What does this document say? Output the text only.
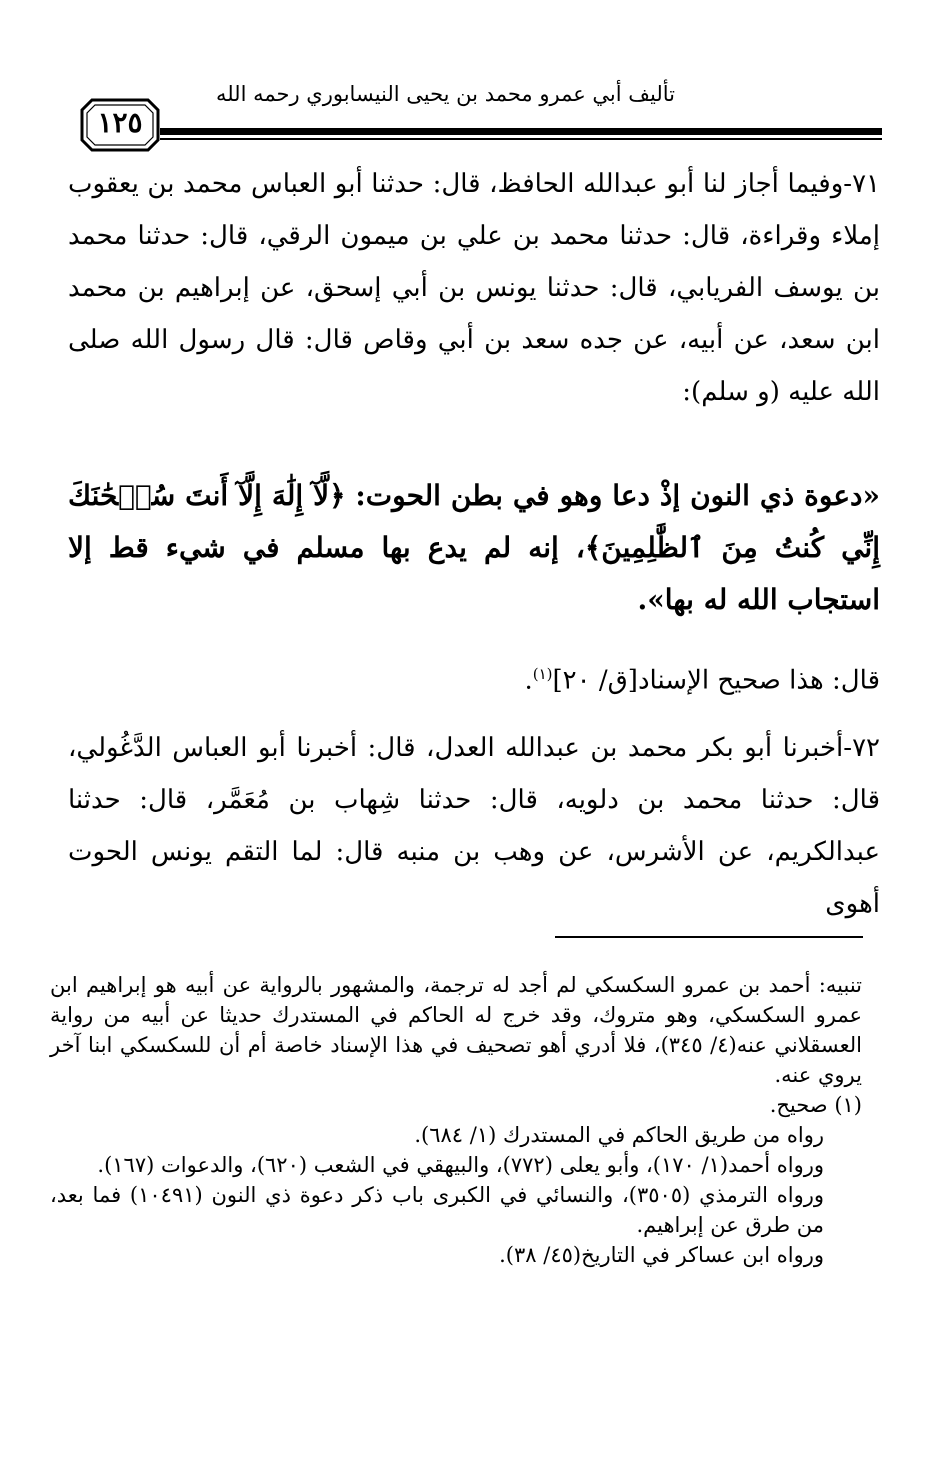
تأليف أبي عمرو محمد بن يحيى النيسابوري رحمه الله
١٢٥

٧١-وفيما أجاز لنا أبو عبدالله الحافظ، قال: حدثنا أبو العباس محمد بن يعقوب إملاء وقراءة، قال: حدثنا محمد بن علي بن ميمون الرقي، قال: حدثنا محمد بن يوسف الفريابي، قال: حدثنا يونس بن أبي إسحق، عن إبراهيم بن محمد ابن سعد، عن أبيه، عن جده سعد بن أبي وقاص قال: قال رسول الله صلى الله عليه (و سلم):

«دعوة ذي النون إذْ دعا وهو في بطن الحوت: ﴿لَّآ إِلَٰهَ إِلَّآ أَنتَ سُبۡحَٰنَكَ إِنِّي كُنتُ مِنَ ٱلظَّٰلِمِينَ﴾، إنه لم يدع بها مسلم في شيء قط إلا استجاب الله له بها».

قال: هذا صحيح الإسناد[ق/ ٢٠]$^{(١)}$.

٧٢-أخبرنا أبو بكر محمد بن عبدالله العدل، قال: أخبرنا أبو العباس الدَّغُولي، قال: حدثنا محمد بن دلويه، قال: حدثنا شِهاب بن مُعَمَّر، قال: حدثنا عبدالكريم، عن الأشرس، عن وهب بن منبه قال: لما التقم يونس الحوت أهوى

تنبيه: أحمد بن عمرو السكسكي لم أجد له ترجمة، والمشهور بالرواية عن أبيه هو إبراهيم ابن عمرو السكسكي، وهو متروك، وقد خرج له الحاكم في المستدرك حديثا عن أبيه من رواية العسقلاني عنه(٤/ ٣٤٥)، فلا أدري أهو تصحيف في هذا الإسناد خاصة أم أن للسكسكي ابنا آخر يروي عنه.

(١) صحيح.

رواه من طريق الحاكم في المستدرك (١/ ٦٨٤).

ورواه أحمد(١/ ١٧٠)، وأبو يعلى (٧٧٢)، والبيهقي في الشعب (٦٢٠)، والدعوات (١٦٧).

ورواه الترمذي (٣٥٠٥)، والنسائي في الكبرى باب ذكر دعوة ذي النون (١٠٤٩١) فما بعد، من طرق عن إبراهيم.

ورواه ابن عساكر في التاريخ(٤٥/ ٣٨).
